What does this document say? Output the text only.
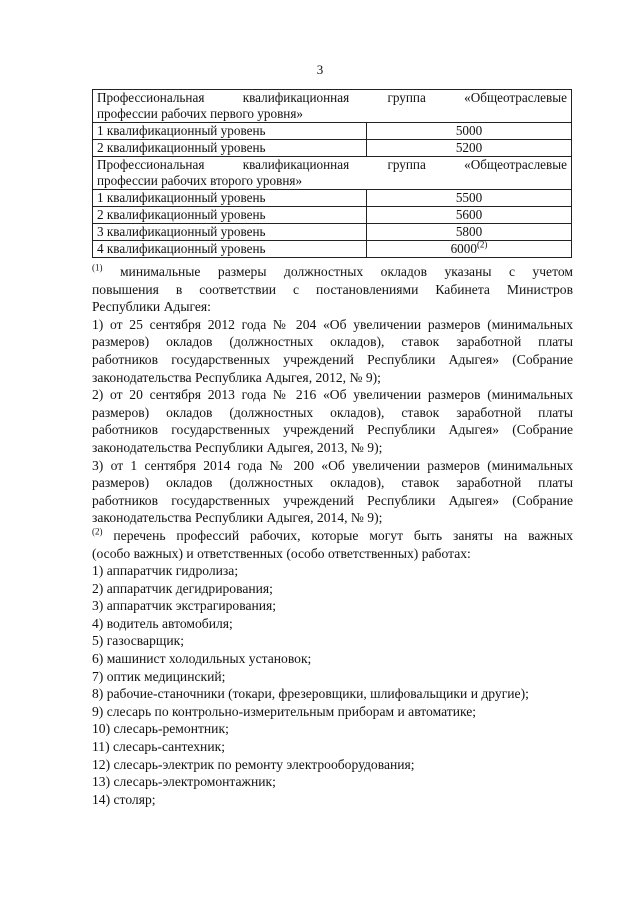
3
Профессиональная квалификационная группа «Общеотраслевые
профессии рабочих первого уровня»	

1 квалификационный уровень	5000
2 квалификационный уровень	5200

Профессиональная квалификационная группа «Общеотраслевые
профессии рабочих второго уровня»	

1 квалификационный уровень	5500
2 квалификационный уровень	5600
3 квалификационный уровень	5800
4 квалификационный уровень	6000$^{(2)}$

$^{(1)}$ минимальные размеры должностных окладов указаны с учетом
повышения в соответствии с постановлениями Кабинета Министров
Республики Адыгея:

1) от 25 сентября 2012 года № 204 «Об увеличении размеров (минимальных
размеров) окладов (должностных окладов), ставок заработной платы
работников государственных учреждений Республики Адыгея» (Собрание
законодательства Республика Адыгея, 2012, № 9);

2) от 20 сентября 2013 года № 216 «Об увеличении размеров (минимальных
размеров) окладов (должностных окладов), ставок заработной платы
работников государственных учреждений Республики Адыгея» (Собрание
законодательства Республики Адыгея, 2013, № 9);

3) от 1 сентября 2014 года № 200 «Об увеличении размеров (минимальных
размеров) окладов (должностных окладов), ставок заработной платы
работников государственных учреждений Республики Адыгея» (Собрание
законодательства Республики Адыгея, 2014, № 9);

$^{(2)}$ перечень профессий рабочих, которые могут быть заняты на важных
(особо важных) и ответственных (особо ответственных) работах:

1) аппаратчик гидролиза;
2) аппаратчик дегидрирования;
3) аппаратчик экстрагирования;
4) водитель автомобиля;
5) газосварщик;
6) машинист холодильных установок;
7) оптик медицинский;
8) рабочие-станочники (токари, фрезеровщики, шлифовальщики и другие);
9) слесарь по контрольно-измерительным приборам и автоматике;
10) слесарь-ремонтник;
11) слесарь-сантехник;
12) слесарь-электрик по ремонту электрооборудования;
13) слесарь-электромонтажник;
14) столяр;
